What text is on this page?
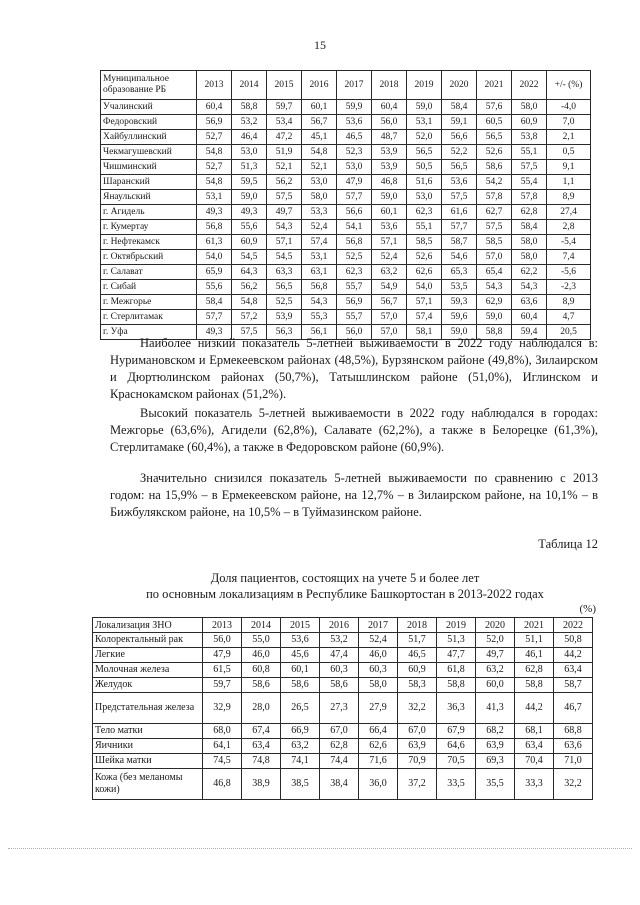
15
Муниципальное образование РБ	2013	2014	2015	2016	2017	2018	2019	2020	2021	2022	+/- (%)
Учалинский	60,4	58,8	59,7	60,1	59,9	60,4	59,0	58,4	57,6	58,0	-4,0
Федоровский	56,9	53,2	53,4	56,7	53,6	56,0	53,1	59,1	60,5	60,9	7,0
Хайбуллинский	52,7	46,4	47,2	45,1	46,5	48,7	52,0	56,6	56,5	53,8	2,1
Чекмагушевский	54,8	53,0	51,9	54,8	52,3	53,9	56,5	52,2	52,6	55,1	0,5
Чишминский	52,7	51,3	52,1	52,1	53,0	53,9	50,5	56,5	58,6	57,5	9,1
Шаранский	54,8	59,5	56,2	53,0	47,9	46,8	51,6	53,6	54,2	55,4	1,1
Янаульский	53,1	59,0	57,5	58,0	57,7	59,0	53,0	57,5	57,8	57,8	8,9
г. Агидель	49,3	49,3	49,7	53,3	56,6	60,1	62,3	61,6	62,7	62,8	27,4
г. Кумертау	56,8	55,6	54,3	52,4	54,1	53,6	55,1	57,7	57,5	58,4	2,8
г. Нефтекамск	61,3	60,9	57,1	57,4	56,8	57,1	58,5	58,7	58,5	58,0	-5,4
г. Октябрьский	54,0	54,5	54,5	53,1	52,5	52,4	52,6	54,6	57,0	58,0	7,4
г. Салават	65,9	64,3	63,3	63,1	62,3	63,2	62,6	65,3	65,4	62,2	-5,6
г. Сибай	55,6	56,2	56,5	56,8	55,7	54,9	54,0	53,5	54,3	54,3	-2,3
г. Межгорье	58,4	54,8	52,5	54,3	56,9	56,7	57,1	59,3	62,9	63,6	8,9
г. Стерлитамак	57,7	57,2	53,9	55,3	55,7	57,0	57,4	59,6	59,0	60,4	4,7
г. Уфа	49,3	57,5	56,3	56,1	56,0	57,0	58,1	59,0	58,8	59,4	20,5

Наиболее низкий показатель 5-летней выживаемости в 2022 году наблюдался в: Нуримановском и Ермекеевском районах (48,5%), Бурзянском районе (49,8%), Зилаирском и Дюртюлинском районах (50,7%), Татышлинском районе (51,0%), Иглинском и Краснокамском районах (51,2%).

Высокий показатель 5-летней выживаемости в 2022 году наблюдался в городах: Межгорье (63,6%), Агидели (62,8%), Салавате (62,2%), а также в Белорецке (61,3%), Стерлитамаке (60,4%), а также в Федоровском районе (60,9%).

Значительно снизился показатель 5-летней выживаемости по сравнению с 2013 годом: на 15,9% – в Ермекеевском районе, на 12,7% – в Зилаирском районе, на 10,1% – в Бижбулякском районе, на 10,5% – в Туймазинском районе.

Таблица 12
Доля пациентов, состоящих на учете 5 и более лет
по основным локализациям в Республике Башкортостан в 2013-2022 годах
(%)
Локализация ЗНО	2013	2014	2015	2016	2017	2018	2019	2020	2021	2022
Колоректальный рак	56,0	55,0	53,6	53,2	52,4	51,7	51,3	52,0	51,1	50,8
Легкие	47,9	46,0	45,6	47,4	46,0	46,5	47,7	49,7	46,1	44,2
Молочная железа	61,5	60,8	60,1	60,3	60,3	60,9	61,8	63,2	62,8	63,4
Желудок	59,7	58,6	58,6	58,6	58,0	58,3	58,8	60,0	58,8	58,7
Предстательная железа	32,9	28,0	26,5	27,3	27,9	32,2	36,3	41,3	44,2	46,7
Тело матки	68,0	67,4	66,9	67,0	66,4	67,0	67,9	68,2	68,1	68,8
Яичники	64,1	63,4	63,2	62,8	62,6	63,9	64,6	63,9	63,4	63,6
Шейка матки	74,5	74,8	74,1	74,4	71,6	70,9	70,5	69,3	70,4	71,0
Кожа (без меланомы кожи)	46,8	38,9	38,5	38,4	36,0	37,2	33,5	35,5	33,3	32,2
